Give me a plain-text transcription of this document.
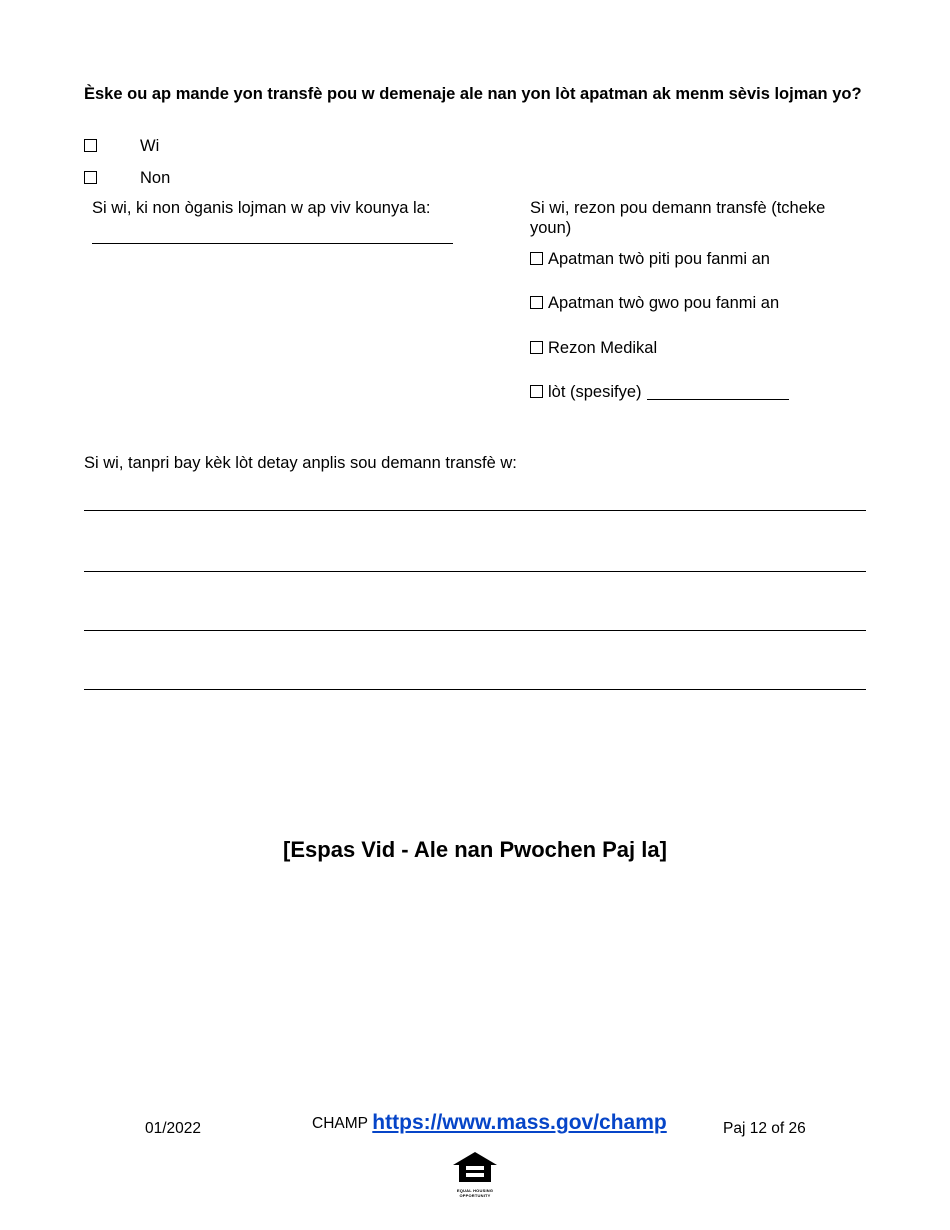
Èske ou ap mande yon transfè pou w demenaje ale nan yon lòt apatman ak menm sèvis lojman yo?
Wi
Non
Si wi, ki non òganis lojman w ap viv kounya la:	Si wi, rezon pou demann transfè (tcheke youn)
Apatman twò piti pou fanmi an
Apatman twò gwo pou fanmi an
Rezon Medikal
lòt (spesifye)
Si wi, tanpri bay kèk lòt detay anplis sou demann transfè w:
[Espas Vid - Ale nan Pwochen Paj la]
01/2022	CHAMP https://www.mass.gov/champ	Paj 12 of 26
EQUAL HOUSING OPPORTUNITY
